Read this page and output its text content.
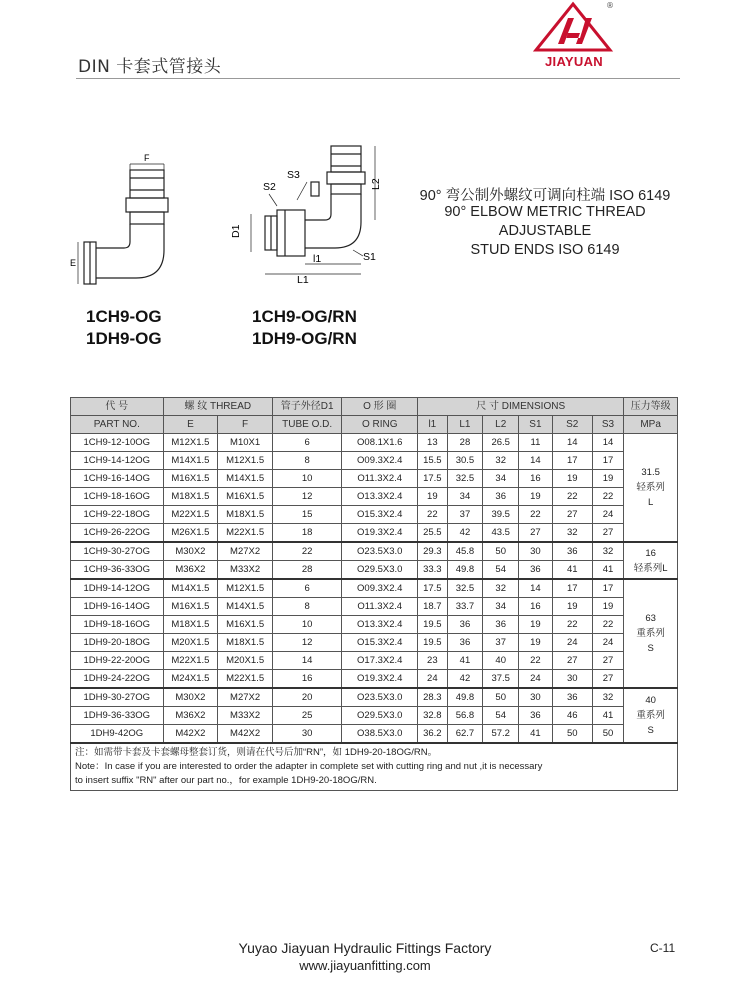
DIN 卡套式管接头
®
JIAYUAN
F
E
S2
S3
L2
D1
S1
l1
L1
90° 弯公制外螺纹可调向柱端 ISO 6149
90° ELBOW METRIC THREAD
ADJUSTABLE
STUD ENDS ISO 6149
1CH9-OG
1DH9-OG
1CH9-OG/RN
1DH9-OG/RN
代 号	螺 纹 THREAD		管子外径D1	O 形 圈	尺 寸 DIMENSIONS						压力等级
PART NO.	E	F	TUBE O.D.	O RING	l1	L1	L2	S1	S2	S3	MPa
1CH9-12-10OG	M12X1.5	M10X1	6	O08.1X1.6	13	28	26.5	11	14	14	31.5
轻系列
L

1CH9-14-12OG	M14X1.5	M12X1.5	8	O09.3X2.4	15.5	30.5	32	14	17	17	
1CH9-16-14OG	M16X1.5	M14X1.5	10	O11.3X2.4	17.5	32.5	34	16	19	19	
1CH9-18-16OG	M18X1.5	M16X1.5	12	O13.3X2.4	19	34	36	19	22	22	
1CH9-22-18OG	M22X1.5	M18X1.5	15	O15.3X2.4	22	37	39.5	22	27	24	
1CH9-26-22OG	M26X1.5	M22X1.5	18	O19.3X2.4	25.5	42	43.5	27	32	27	
1CH9-30-27OG	M30X2	M27X2	22	O23.5X3.0	29.3	45.8	50	30	36	32	16
轻系列L

1CH9-36-33OG	M36X2	M33X2	28	O29.5X3.0	33.3	49.8	54	36	41	41	
1DH9-14-12OG	M14X1.5	M12X1.5	6	O09.3X2.4	17.5	32.5	32	14	17	17	63
重系列
S

1DH9-16-14OG	M16X1.5	M14X1.5	8	O11.3X2.4	18.7	33.7	34	16	19	19	
1DH9-18-16OG	M18X1.5	M16X1.5	10	O13.3X2.4	19.5	36	36	19	22	22	
1DH9-20-18OG	M20X1.5	M18X1.5	12	O15.3X2.4	19.5	36	37	19	24	24	
1DH9-22-20OG	M22X1.5	M20X1.5	14	O17.3X2.4	23	41	40	22	27	27	
1DH9-24-22OG	M24X1.5	M22X1.5	16	O19.3X2.4	24	42	37.5	24	30	27	
1DH9-30-27OG	M30X2	M27X2	20	O23.5X3.0	28.3	49.8	50	30	36	32	40
重系列
S

1DH9-36-33OG	M36X2	M33X2	25	O29.5X3.0	32.8	56.8	54	36	46	41	
1DH9-42OG	M42X2	M42X2	30	O38.5X3.0	36.2	62.7	57.2	41	50	50	

注：如需带卡套及卡套螺母整套订货，则请在代号后加“RN”，如 1DH9-20-18OG/RN。
Note：In case if you are interested to order the adapter in complete set with cutting ring and nut ,it is necessary
to insert suffix "RN" after our part no.，for example 1DH9-20-18OG/RN.											
Yuyao Jiayuan Hydraulic Fittings Factory
www.jiayuanfitting.com
C-11
